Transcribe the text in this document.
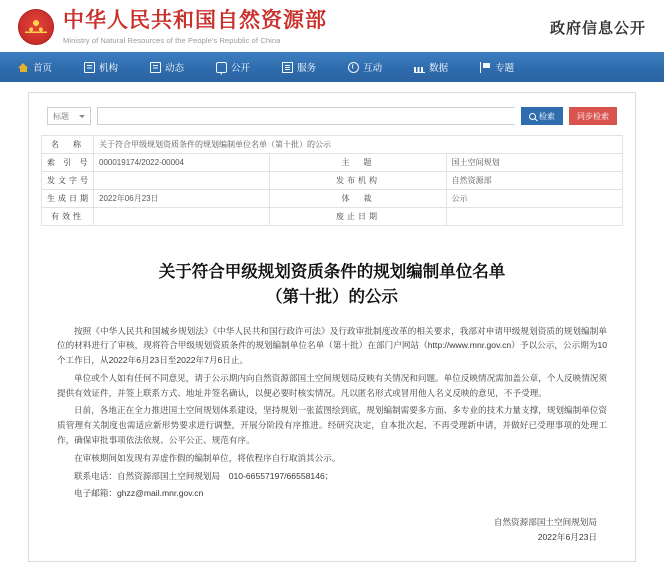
中华人民共和国自然资源部
Ministry of Natural Resources of the People's Republic of China
政府信息公开
首页	机构	动态	公开	服务	互动	数据	专题
标题	检索	同步检索
名　称	关于符合甲级规划资质条件的规划编制单位名单（第十批）的公示		
索 引 号	000019174/2022-00004	主　题	国土空间规划
发文字号		发布机构	自然资源部
生成日期	2022年06月23日	体　裁	公示
有效性		废止日期	
关于符合甲级规划资质条件的规划编制单位名单
（第十批）的公示

按照《中华人民共和国城乡规划法》《中华人民共和国行政许可法》及行政审批制度改革的相关要求，我部对申请甲级规划资质的规划编制单位的材料进行了审核，现将符合甲级规划资质条件的规划编制单位名单（第十批）在部门户网站（http://www.mnr.gov.cn）予以公示，公示期为10个工作日，从2022年6月23日至2022年7月6日止。

单位或个人如有任何不同意见，请于公示期内向自然资源部国土空间规划局反映有关情况和问题。单位反映情况需加盖公章，个人反映情况须提供有效证件，并签上联系方式、地址并签名确认，以便必要时核实情况。凡以匿名形式或冒用他人名义反映的意见，不予受理。

日前，各地正在全力推进国土空间规划体系建设，坚持规划一张蓝图绘到底，规划编制需要多方面、多专业的技术力量支撑，规划编制单位资质管理有关制度也需适应新形势要求进行调整，开展分阶段有序推进。经研究决定，自本批次起，不再受理新申请，并做好已受理事项的处理工作，确保审批事项依法依规、公平公正、规范有序。

在审核期间如发现有弄虚作假的编制单位，将依程序自行取消其公示。

联系电话：自然资源部国土空间规划局　010-66557197/66558146；

电子邮箱：ghzz@mail.mnr.gov.cn

自然资源部国土空间规划局
2022年6月23日
